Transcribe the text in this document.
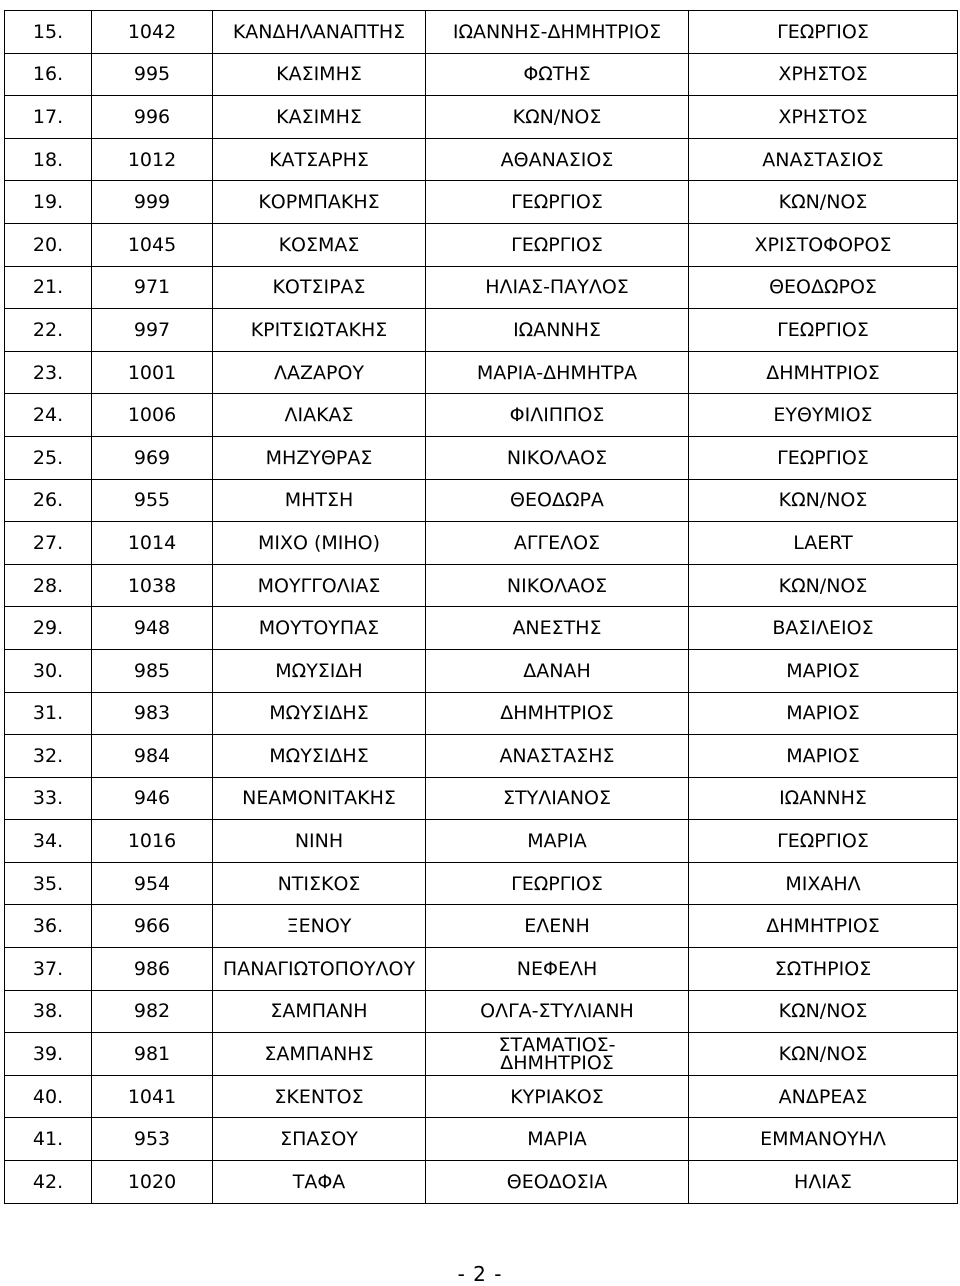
15.	1042	ΚΑΝΔΗΛΑΝΑΠΤΗΣ	ΙΩΑΝΝΗΣ-ΔΗΜΗΤΡΙΟΣ	ΓΕΩΡΓΙΟΣ
16.	995	ΚΑΣΙΜΗΣ	ΦΩΤΗΣ	ΧΡΗΣΤΟΣ
17.	996	ΚΑΣΙΜΗΣ	ΚΩΝ/ΝΟΣ	ΧΡΗΣΤΟΣ
18.	1012	ΚΑΤΣΑΡΗΣ	ΑΘΑΝΑΣΙΟΣ	ΑΝΑΣΤΑΣΙΟΣ
19.	999	ΚΟΡΜΠΑΚΗΣ	ΓΕΩΡΓΙΟΣ	ΚΩΝ/ΝΟΣ
20.	1045	ΚΟΣΜΑΣ	ΓΕΩΡΓΙΟΣ	ΧΡΙΣΤΟΦΟΡΟΣ
21.	971	ΚΟΤΣΙΡΑΣ	ΗΛΙΑΣ-ΠΑΥΛΟΣ	ΘΕΟΔΩΡΟΣ
22.	997	ΚΡΙΤΣΙΩΤΑΚΗΣ	ΙΩΑΝΝΗΣ	ΓΕΩΡΓΙΟΣ
23.	1001	ΛΑΖΑΡΟΥ	ΜΑΡΙΑ-ΔΗΜΗΤΡΑ	ΔΗΜΗΤΡΙΟΣ
24.	1006	ΛΙΑΚΑΣ	ΦΙΛΙΠΠΟΣ	ΕΥΘΥΜΙΟΣ
25.	969	ΜΗΖΥΘΡΑΣ	ΝΙΚΟΛΑΟΣ	ΓΕΩΡΓΙΟΣ
26.	955	ΜΗΤΣΗ	ΘΕΟΔΩΡΑ	ΚΩΝ/ΝΟΣ
27.	1014	ΜΙΧΟ (ΜΙΗΟ)	ΑΓΓΕΛΟΣ	LAERT
28.	1038	ΜΟΥΓΓΟΛΙΑΣ	ΝΙΚΟΛΑΟΣ	ΚΩΝ/ΝΟΣ
29.	948	ΜΟΥΤΟΥΠΑΣ	ΑΝΕΣΤΗΣ	ΒΑΣΙΛΕΙΟΣ
30.	985	ΜΩΥΣΙΔΗ	ΔΑΝΑΗ	ΜΑΡΙΟΣ
31.	983	ΜΩΥΣΙΔΗΣ	ΔΗΜΗΤΡΙΟΣ	ΜΑΡΙΟΣ
32.	984	ΜΩΥΣΙΔΗΣ	ΑΝΑΣΤΑΣΗΣ	ΜΑΡΙΟΣ
33.	946	ΝΕΑΜΟΝΙΤΑΚΗΣ	ΣΤΥΛΙΑΝΟΣ	ΙΩΑΝΝΗΣ
34.	1016	ΝΙΝΗ	ΜΑΡΙΑ	ΓΕΩΡΓΙΟΣ
35.	954	ΝΤΙΣΚΟΣ	ΓΕΩΡΓΙΟΣ	ΜΙΧΑΗΛ
36.	966	ΞΕΝΟΥ	ΕΛΕΝΗ	ΔΗΜΗΤΡΙΟΣ
37.	986	ΠΑΝΑΓΙΩΤΟΠΟΥΛΟΥ	ΝΕΦΕΛΗ	ΣΩΤΗΡΙΟΣ
38.	982	ΣΑΜΠΑΝΗ	ΟΛΓΑ-ΣΤΥΛΙΑΝΗ	ΚΩΝ/ΝΟΣ
39.	981	ΣΑΜΠΑΝΗΣ	ΣΤΑΜΑΤΙΟΣ-
ΔΗΜΗΤΡΙΟΣ	ΚΩΝ/ΝΟΣ
40.	1041	ΣΚΕΝΤΟΣ	ΚΥΡΙΑΚΟΣ	ΑΝΔΡΕΑΣ
41.	953	ΣΠΑΣΟΥ	ΜΑΡΙΑ	ΕΜΜΑΝΟΥΗΛ
42.	1020	ΤΑΦΑ	ΘΕΟΔΟΣΙΑ	ΗΛΙΑΣ
- 2 -
